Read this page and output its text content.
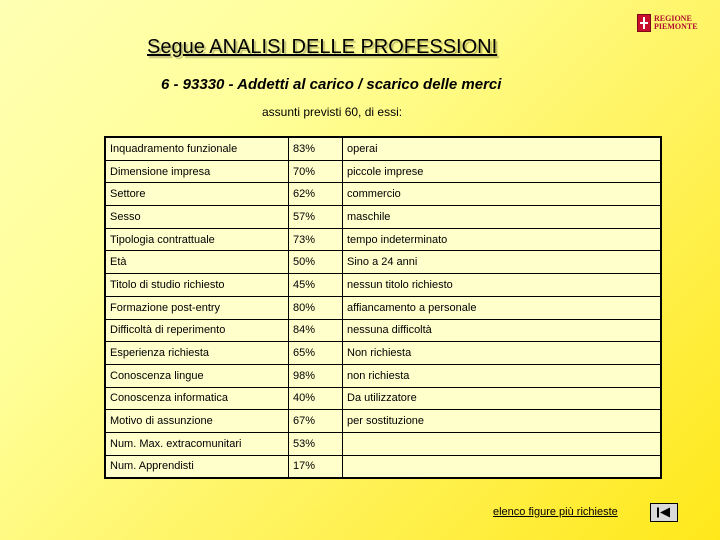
REGIONE
PIEMONTE
Segue ANALISI DELLE PROFESSIONI
6 - 93330 - Addetti al carico / scarico delle merci
assunti previsti 60, di essi:
Inquadramento funzionale	83%	operai
Dimensione impresa	70%	piccole imprese
Settore	62%	commercio
Sesso	57%	maschile
Tipologia contrattuale	73%	tempo indeterminato
Età	50%	Sino a 24 anni
Titolo di studio richiesto	45%	nessun titolo richiesto
Formazione post-entry	80%	affiancamento a personale
Difficoltà di reperimento	84%	nessuna difficoltà
Esperienza richiesta	65%	Non richiesta
Conoscenza lingue	98%	non richiesta
Conoscenza informatica	40%	Da utilizzatore
Motivo di assunzione	67%	per sostituzione
Num. Max. extracomunitari	53%	
Num. Apprendisti	17%	
elenco figure più richieste
